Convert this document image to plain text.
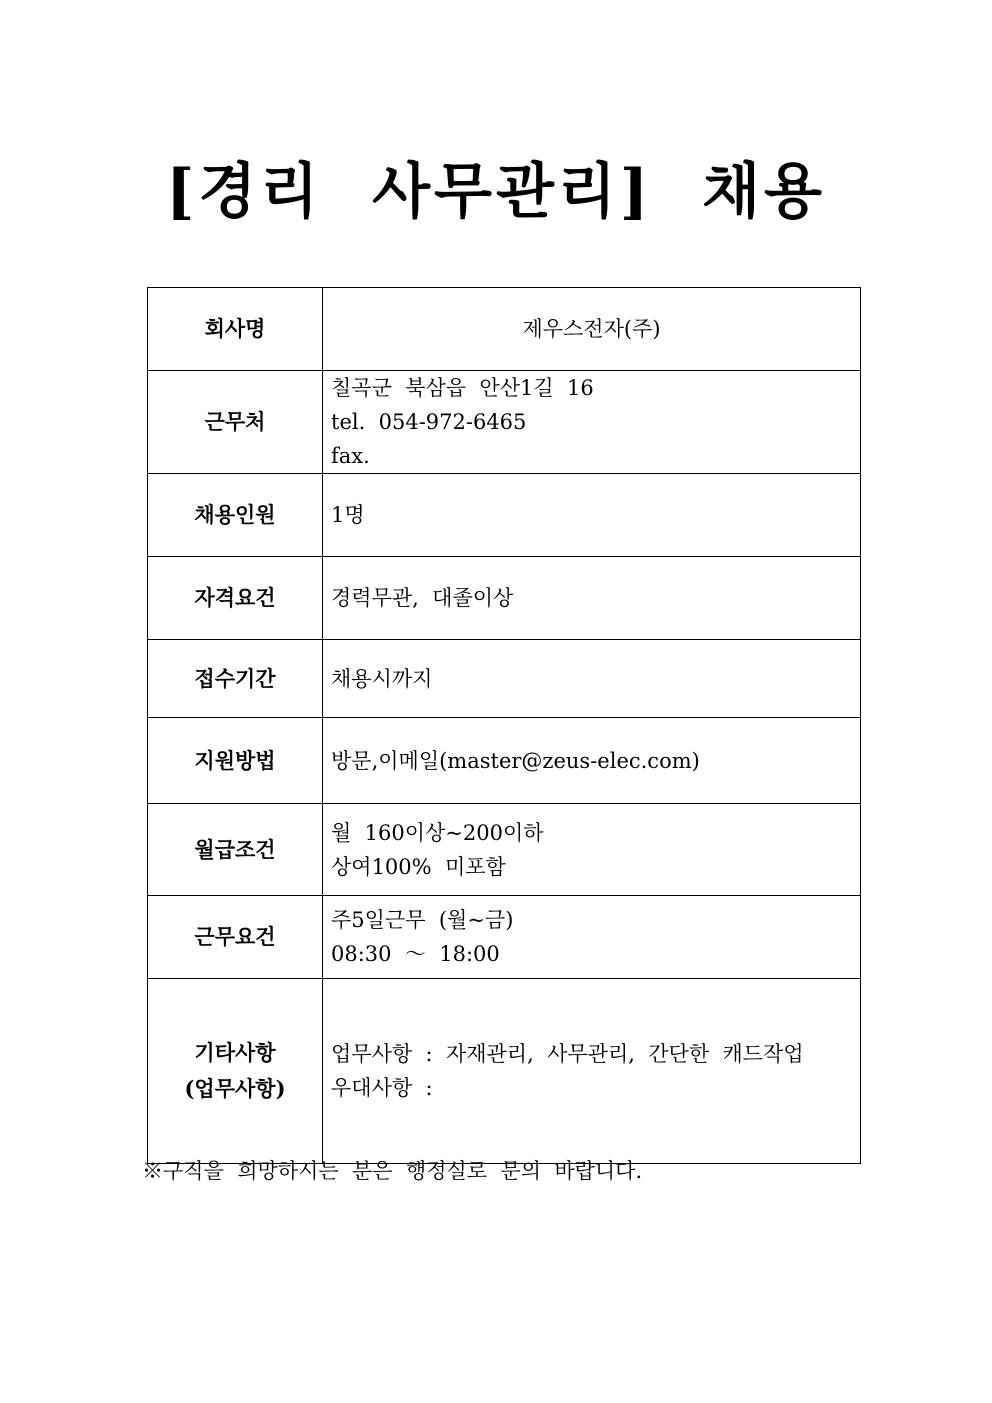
[경리  사무관리]  채용
회사명	제우스전자(주)

근무처	칠곡군  북삼읍  안산1길  16
tel.  054-972-6465
fax.

채용인원	1명

자격요건	경력무관,  대졸이상

접수기간	채용시까지

지원방법	방문,이메일(master@zeus-elec.com)

월급조건	월  160이상~200이하
상여100%  미포함

근무요건	주5일근무  (월~금)
08:30  ～  18:00

기타사항
(업무사항)	업무사항  :  자재관리,  사무관리,  간단한  캐드작업
우대사항  :
※구직을  희망하시는  분은  행정실로  문의  바랍니다.
